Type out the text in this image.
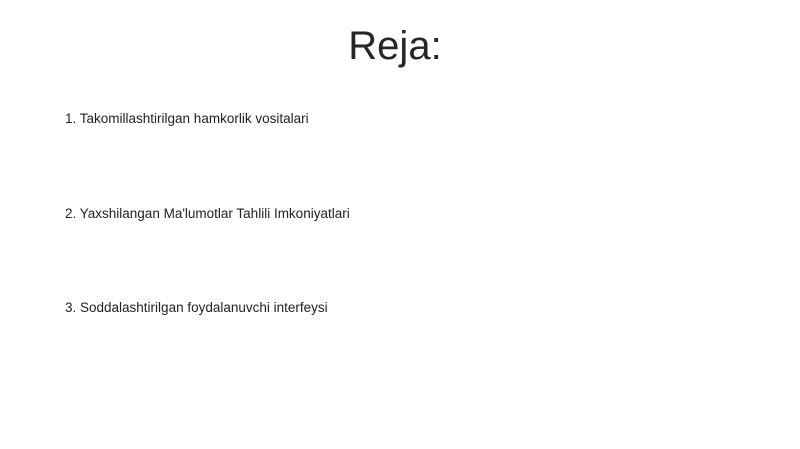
Reja:
1. Takomillashtirilgan hamkorlik vositalari
2. Yaxshilangan Ma'lumotlar Tahlili Imkoniyatlari
3. Soddalashtirilgan foydalanuvchi interfeysi
